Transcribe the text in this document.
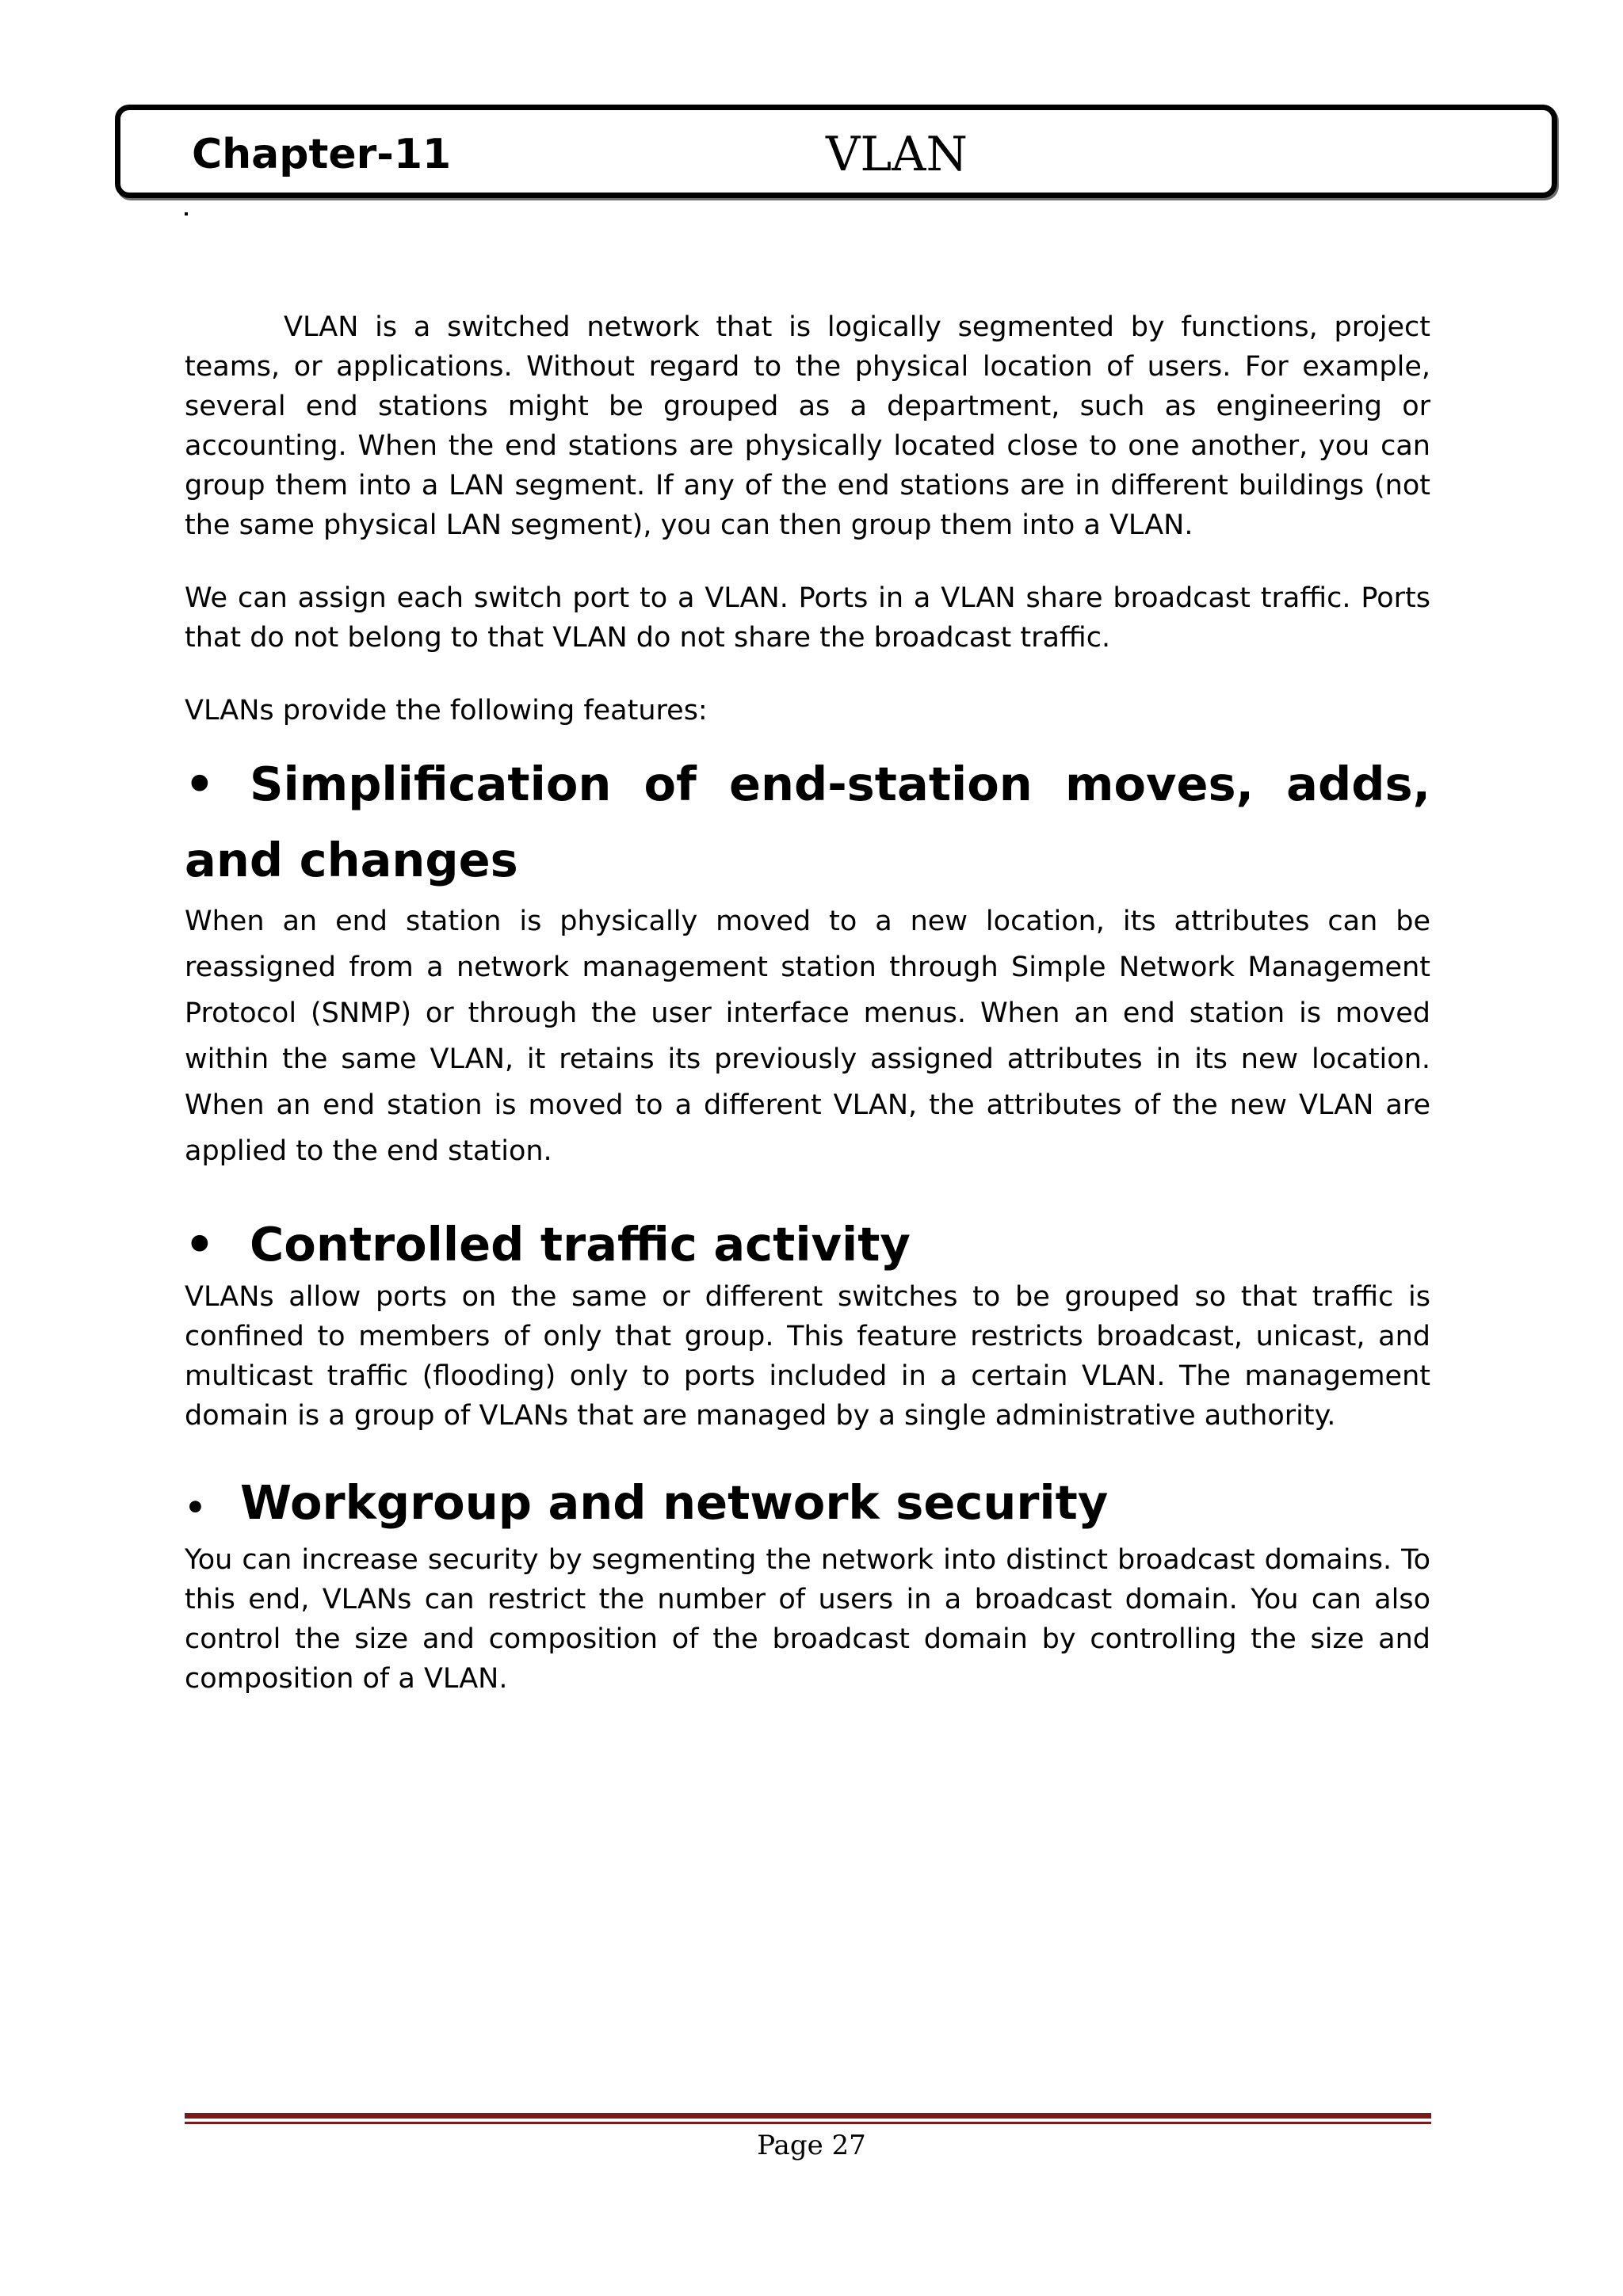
Chapter-11	VLAN

VLAN is a switched network that is logically segmented by functions, project teams, or applications. Without regard to the physical location of users. For example, several end stations might be grouped as a department, such as engineering or accounting. When the end stations are physically located close to one another, you can group them into a LAN segment. If any of the end stations are in different buildings (not the same physical LAN segment), you can then group them into a VLAN.

We can assign each switch port to a VLAN. Ports in a VLAN share broadcast traffic. Ports that do not belong to that VLAN do not share the broadcast traffic.

VLANs provide the following features:

• Simplification of end-station moves, adds, and changes

When an end station is physically moved to a new location, its attributes can be reassigned from a network management station through Simple Network Management Protocol (SNMP) or through the user interface menus. When an end station is moved within the same VLAN, it retains its previously assigned attributes in its new location. When an end station is moved to a different VLAN, the attributes of the new VLAN are applied to the end station.

• Controlled traffic activity

VLANs allow ports on the same or different switches to be grouped so that traffic is confined to members of only that group. This feature restricts broadcast, unicast, and multicast traffic (flooding) only to ports included in a certain VLAN. The management domain is a group of VLANs that are managed by a single administrative authority.

• Workgroup and network security

You can increase security by segmenting the network into distinct broadcast domains. To this end, VLANs can restrict the number of users in a broadcast domain. You can also control the size and composition of the broadcast domain by controlling the size and composition of a VLAN.

Page 27
